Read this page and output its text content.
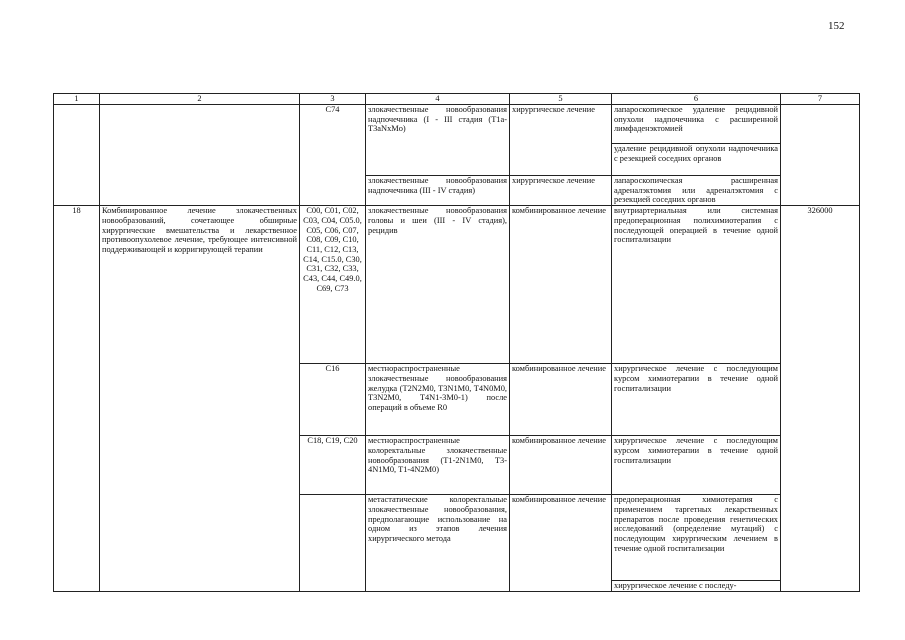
152
1	2	3	4	5	6	7
		C74	злокачественные новообразования надпочечника (I - III стадия (T1a-T3aNxMo)	хирургическое лечение	лапароскопическое удаление рецидивной опухоли надпочечника с расширенной лимфаденэктомией	
					удаление рецидивной опухоли надпочечника с резекцией соседних органов	
			злокачественные новообразования надпочечника (III - IV стадия)	хирургическое лечение	лапароскопическая расширенная адреналэктомия или адреналэктомия с резекцией соседних органов	
18	Комбинированное лечение злокачественных новообразований, сочетающее обширные хирургические вмешательства и лекарственное противоопухолевое лечение, требующее интенсивной поддерживающей и корригирующей терапии	C00, C01, C02, C03, C04, C05.0, C05, C06, C07, C08, C09, C10, C11, C12, C13, C14, C15.0, C30, C31, C32, C33, C43, C44, C49.0, C69, C73	злокачественные новообразования головы и шеи (III - IV стадия), рецидив	комбинированное лечение	внутриартериальная или системная предоперационная полихимиотерапия с последующей операцией в течение одной госпитализации	326000
		C16	местнораспространенные злокачественные новообразования желудка (T2N2M0, T3N1M0, T4N0M0, T3N2M0, T4N1-3M0-1) после операций в объеме R0	комбинированное лечение	хирургическое лечение с последующим курсом химиотерапии в течение одной госпитализации	
		C18, C19, C20	местнораспространенные колоректальные злокачественные новообразования (T1-2N1M0, T3-4N1M0, T1-4N2M0)	комбинированное лечение	хирургическое лечение с последующим курсом химиотерапии в течение одной госпитализации	
			метастатические колоректальные злокачественные новообразования, предполагающие использование на одном из этапов лечения хирургического метода	комбинированное лечение	предоперационная химиотерапия с применением таргетных лекарственных препаратов после проведения генетических исследований (определение мутаций) с последующим хирургическим лечением в течение одной госпитализации	
					хирургическое лечение с последу-	
